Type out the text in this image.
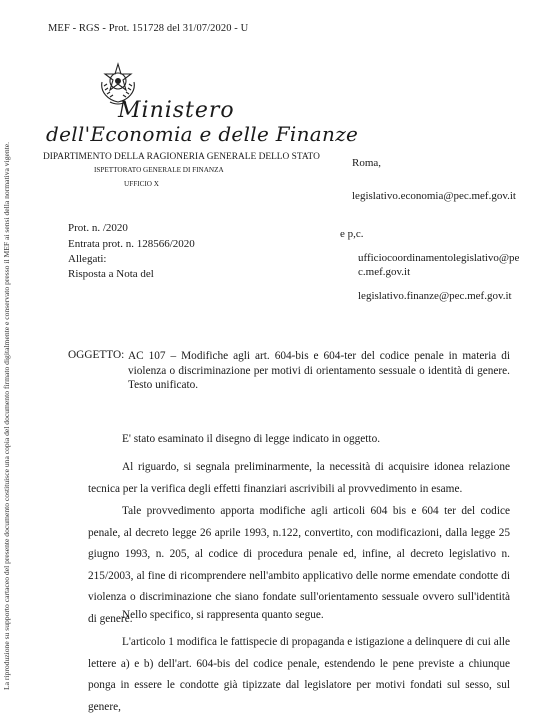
MEF - RGS - Prot. 151728 del 31/07/2020 - U
La riproduzione su supporto cartaceo del presente documento costituisce una copia del documento firmato digitalmente e conservato presso il MEF ai sensi della normativa vigente.
Ministero
dell'Economia e delle Finanze
DIPARTIMENTO DELLA RAGIONERIA GENERALE DELLO STATO
ISPETTORATO GENERALE DI FINANZA
UFFICIO X
Roma,
legislativo.economia@pec.mef.gov.it
Prot. n. /2020
Entrata prot. n. 128566/2020
Allegati:
Risposta a Nota del
e p,c.
ufficiocoordinamentolegislativo@pec.mef.gov.it
legislativo.finanze@pec.mef.gov.it
OGGETTO: AC 107 – Modifiche agli art. 604-bis e 604-ter del codice penale in materia di violenza o discriminazione per motivi di orientamento sessuale o identità di genere. Testo unificato.
E' stato esaminato il disegno di legge indicato in oggetto.
Al riguardo, si segnala preliminarmente, la necessità di acquisire idonea relazione tecnica per la verifica degli effetti finanziari ascrivibili al provvedimento in esame.
Tale provvedimento apporta modifiche agli articoli 604 bis e 604 ter del codice penale, al decreto legge 26 aprile 1993, n.122, convertito, con modificazioni, dalla legge 25 giugno 1993, n. 205, al codice di procedura penale ed, infine, al decreto legislativo n. 215/2003, al fine di ricomprendere nell'ambito applicativo delle norme emendate condotte di violenza o discriminazione che siano fondate sull'orientamento sessuale ovvero sull'identità di genere.
Nello specifico, si rappresenta quanto segue.
L'articolo 1 modifica le fattispecie di propaganda e istigazione a delinquere di cui alle lettere a) e b) dell'art. 604-bis del codice penale, estendendo le pene previste a chiunque ponga in essere le condotte già tipizzate dal legislatore per motivi fondati sul sesso, sul genere,
